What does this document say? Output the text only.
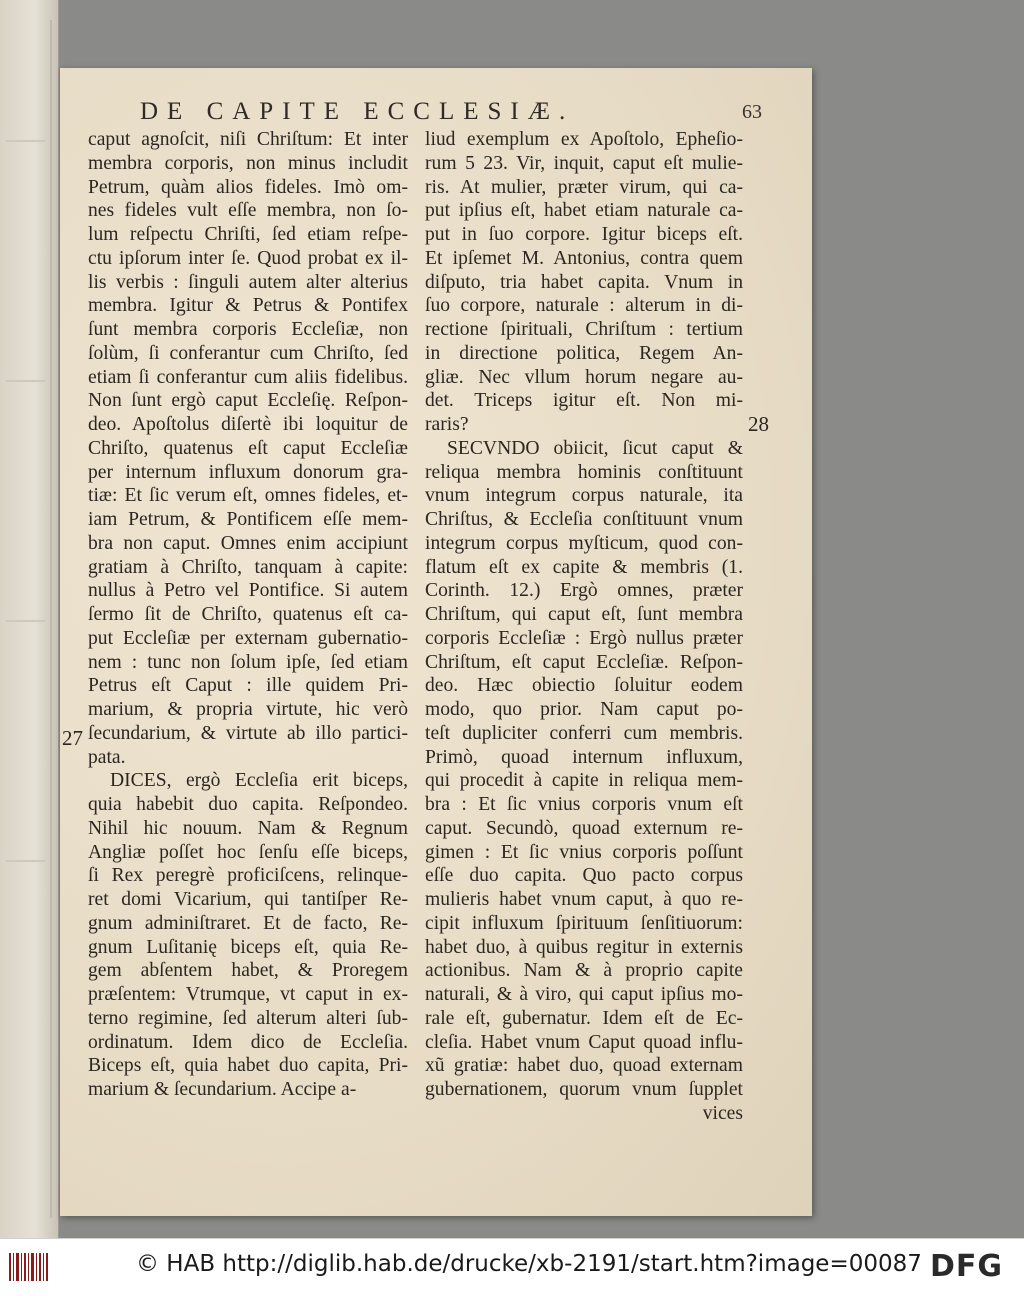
DE CAPITE ECCLESIÆ.	63
27
28
caput agnoſcit, niſi Chriſtum: Et inter
membra corporis, non minus includit
Petrum, quàm alios fideles. Imò om-
nes fideles vult eſſe membra, non ſo-
lum reſpectu Chriſti, ſed etiam reſpe-
ctu ipſorum inter ſe. Quod probat ex il-
lis verbis : ſinguli autem alter alterius
membra. Igitur & Petrus & Pontifex
ſunt membra corporis Eccleſiæ, non
ſolùm, ſi conferantur cum Chriſto, ſed
etiam ſi conferantur cum aliis fidelibus.
Non ſunt ergò caput Eccleſię. Reſpon-
deo. Apoſtolus diſertè ibi loquitur de
Chriſto, quatenus eſt caput Eccleſiæ
per internum influxum donorum gra-
tiæ: Et ſic verum eſt, omnes fideles, et-
iam Petrum, & Pontificem eſſe mem-
bra non caput. Omnes enim accipiunt
gratiam à Chriſto, tanquam à capite:
nullus à Petro vel Pontifice. Si autem
ſermo ſit de Chriſto, quatenus eſt ca-
put Eccleſiæ per externam gubernatio-
nem : tunc non ſolum ipſe, ſed etiam
Petrus eſt Caput : ille quidem Pri-
marium, & propria virtute, hic verò
ſecundarium, & virtute ab illo partici-
pata.
DICES, ergò Eccleſia erit biceps,
quia habebit duo capita. Reſpondeo.
Nihil hic nouum. Nam & Regnum
Angliæ poſſet hoc ſenſu eſſe biceps,
ſi Rex peregrè proficiſcens, relinque-
ret domi Vicarium, qui tantiſper Re-
gnum adminiſtraret. Et de facto, Re-
gnum Luſitanię biceps eſt, quia Re-
gem abſentem habet, & Proregem
præſentem: Vtrumque, vt caput in ex-
terno regimine, ſed alterum alteri ſub-
ordinatum. Idem dico de Eccleſia.
Biceps eſt, quia habet duo capita, Pri-
marium & ſecundarium. Accipe a-
liud exemplum ex Apoſtolo, Epheſio-
rum 5 23. Vir, inquit, caput eſt mulie-
ris. At mulier, præter virum, qui ca-
put ipſius eſt, habet etiam naturale ca-
put in ſuo corpore. Igitur biceps eſt.
Et ipſemet M. Antonius, contra quem
diſputo, tria habet capita. Vnum in
ſuo corpore, naturale : alterum in di-
rectione ſpirituali, Chriſtum : tertium
in directione politica, Regem An-
gliæ. Nec vllum horum negare au-
det. Triceps igitur eſt. Non mi-
raris?
SECVNDO obiicit, ſicut caput &
reliqua membra hominis conſtituunt
vnum integrum corpus naturale, ita
Chriſtus, & Eccleſia conſtituunt vnum
integrum corpus myſticum, quod con-
flatum eſt ex capite & membris (1.
Corinth. 12.) Ergò omnes, præter
Chriſtum, qui caput eſt, ſunt membra
corporis Eccleſiæ : Ergò nullus præter
Chriſtum, eſt caput Eccleſiæ. Reſpon-
deo. Hæc obiectio ſoluitur eodem
modo, quo prior. Nam caput po-
teſt dupliciter conferri cum membris.
Primò, quoad internum influxum,
qui procedit à capite in reliqua mem-
bra : Et ſic vnius corporis vnum eſt
caput. Secundò, quoad externum re-
gimen : Et ſic vnius corporis poſſunt
eſſe duo capita. Quo pacto corpus
mulieris habet vnum caput, à quo re-
cipit influxum ſpirituum ſenſitiuorum:
habet duo, à quibus regitur in externis
actionibus. Nam & à proprio capite
naturali, & à viro, qui caput ipſius mo-
rale eſt, gubernatur. Idem eſt de Ec-
cleſia. Habet vnum Caput quoad influ-
xũ gratiæ: habet duo, quoad externam
gubernationem, quorum vnum ſupplet
vices
© HAB http://diglib.hab.de/drucke/xb-2191/start.htm?image=00087 DFG
